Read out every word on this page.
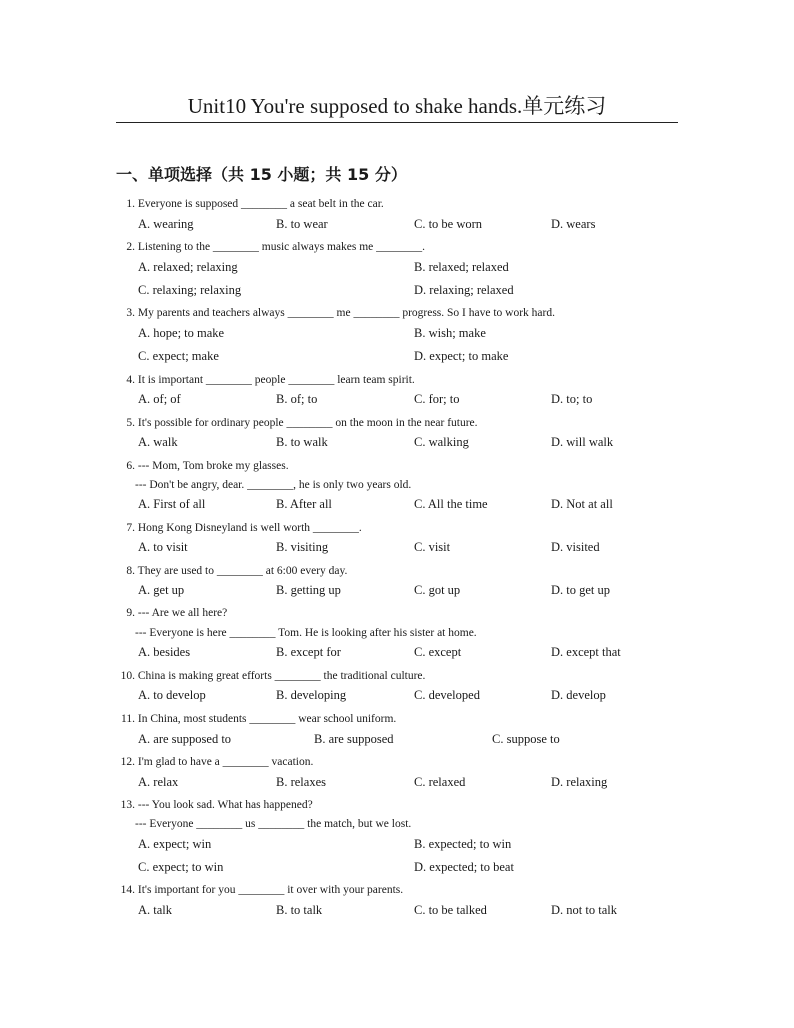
Unit10 You're supposed to shake hands.单元练习
一、单项选择（共 15 小题；共 15 分）
1. Everyone is supposed ________ a seat belt in the car.
A. wearing	B. to wear	C. to be worn	D. wears
2. Listening to the ________ music always makes me ________.
A. relaxed; relaxing	B. relaxed; relaxed
C. relaxing; relaxing	D. relaxing; relaxed
3. My parents and teachers always ________ me ________ progress. So I have to work hard.
A. hope; to make	B. wish; make
C. expect; make	D. expect; to make
4. It is important ________ people ________ learn team spirit.
A. of; of	B. of; to	C. for; to	D. to; to
5. It's possible for ordinary people ________ on the moon in the near future.
A. walk	B. to walk	C. walking	D. will walk
6. --- Mom, Tom broke my glasses.
--- Don't be angry, dear. ________, he is only two years old.
A. First of all	B. After all	C. All the time	D. Not at all
7. Hong Kong Disneyland is well worth ________.
A. to visit	B. visiting	C. visit	D. visited
8. They are used to ________ at 6:00 every day.
A. get up	B. getting up	C. got up	D. to get up
9. --- Are we all here?
--- Everyone is here ________ Tom. He is looking after his sister at home.
A. besides	B. except for	C. except	D. except that
10. China is making great efforts ________ the traditional culture.
A. to develop	B. developing	C. developed	D. develop
11. In China, most students ________ wear school uniform.
A. are supposed to	B. are supposed	C. suppose to
12. I'm glad to have a ________ vacation.
A. relax	B. relaxes	C. relaxed	D. relaxing
13. --- You look sad. What has happened?
--- Everyone ________ us ________ the match, but we lost.
A. expect; win	B. expected; to win
C. expect; to win	D. expected; to beat
14. It's important for you ________ it over with your parents.
A. talk	B. to talk	C. to be talked	D. not to talk
